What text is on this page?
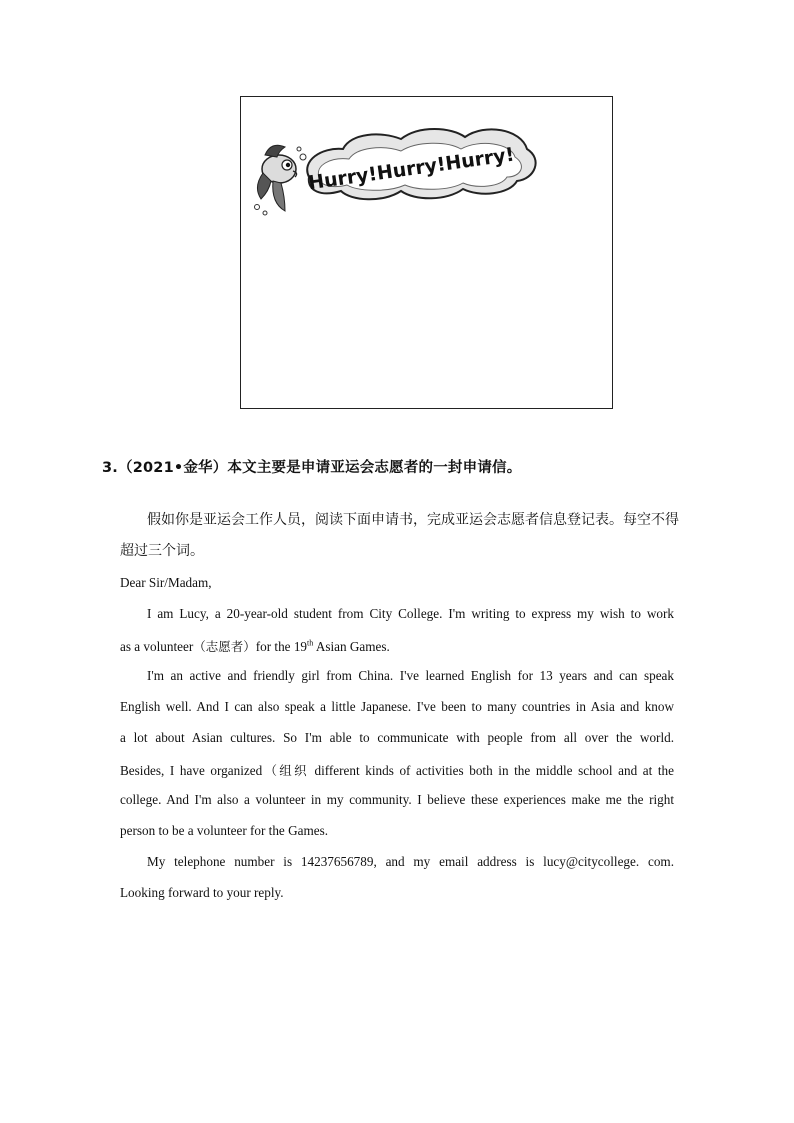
Hurry!Hurry!Hurry!
3.（2021•金华）本文主要是申请亚运会志愿者的一封申请信。
假如你是亚运会工作人员，阅读下面申请书，完成亚运会志愿者信息登记表。每空不得
超过三个词。
Dear Sir/Madam,
I am Lucy, a 20-year-old student from City College. I'm writing to express my wish to work
as a volunteer（志愿者）for the 19th Asian Games.
I'm an active and friendly girl from China. I've learned English for 13 years and can speak
English well. And I can also speak a little Japanese. I've been to many countries in Asia and know
a lot about Asian cultures. So I'm able to communicate with people from all over the world.
Besides, I have organized（组织 different kinds of activities both in the middle school and at the
college. And I'm also a volunteer in my community. I believe these experiences make me the right
person to be a volunteer for the Games.
My telephone number is 14237656789, and my email address is lucy@citycollege. com.
Looking forward to your reply.
